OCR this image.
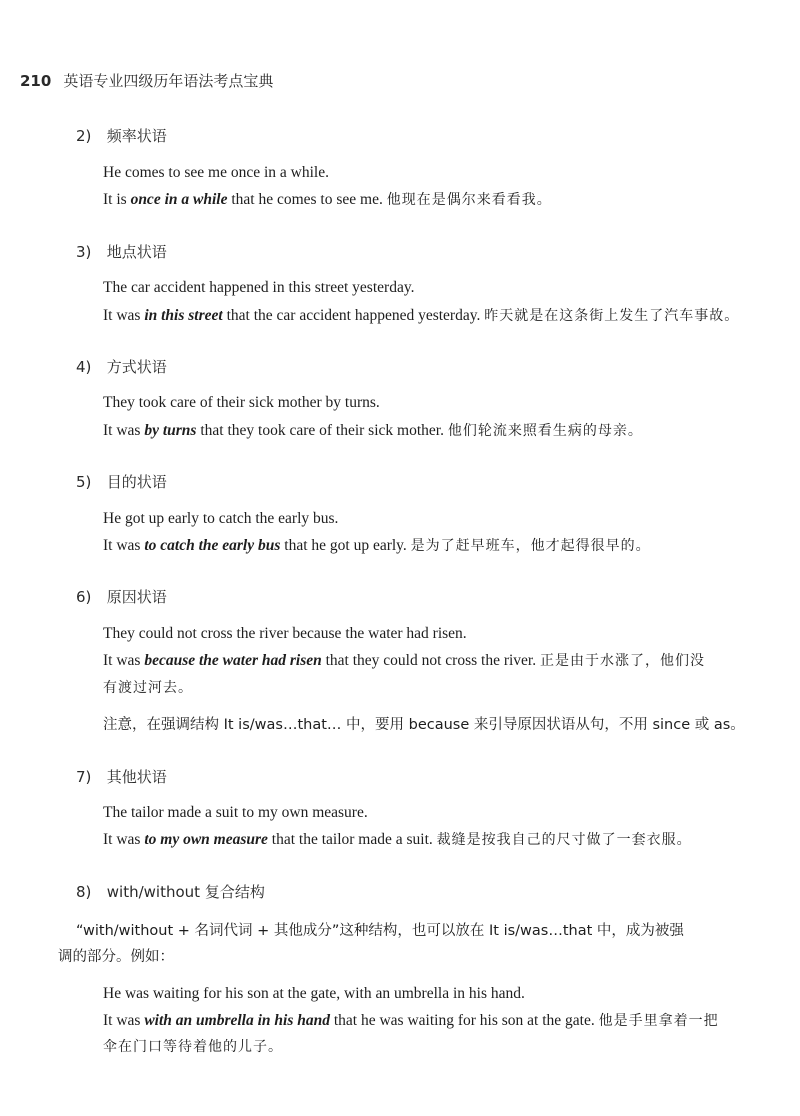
210 英语专业四级历年语法考点宝典
2) 频率状语
He comes to see me once in a while.
It is once in a while that he comes to see me. 他现在是偶尔来看看我。
3) 地点状语
The car accident happened in this street yesterday.
It was in this street that the car accident happened yesterday. 昨天就是在这条街上发生了汽车事故。
4) 方式状语
They took care of their sick mother by turns.
It was by turns that they took care of their sick mother. 他们轮流来照看生病的母亲。
5) 目的状语
He got up early to catch the early bus.
It was to catch the early bus that he got up early. 是为了赶早班车，他才起得很早的。
6) 原因状语
They could not cross the river because the water had risen.
It was because the water had risen that they could not cross the river. 正是由于水涨了，他们没
有渡过河去。
注意，在强调结构 It is/was…that… 中，要用 because 来引导原因状语从句，不用 since 或 as。
7) 其他状语
The tailor made a suit to my own measure.
It was to my own measure that the tailor made a suit. 裁缝是按我自己的尺寸做了一套衣服。
8) with/without 复合结构
“with/without + 名词代词 + 其他成分”这种结构，也可以放在 It is/was…that 中，成为被强
调的部分。例如：
He was waiting for his son at the gate, with an umbrella in his hand.
It was with an umbrella in his hand that he was waiting for his son at the gate. 他是手里拿着一把
伞在门口等待着他的儿子。
